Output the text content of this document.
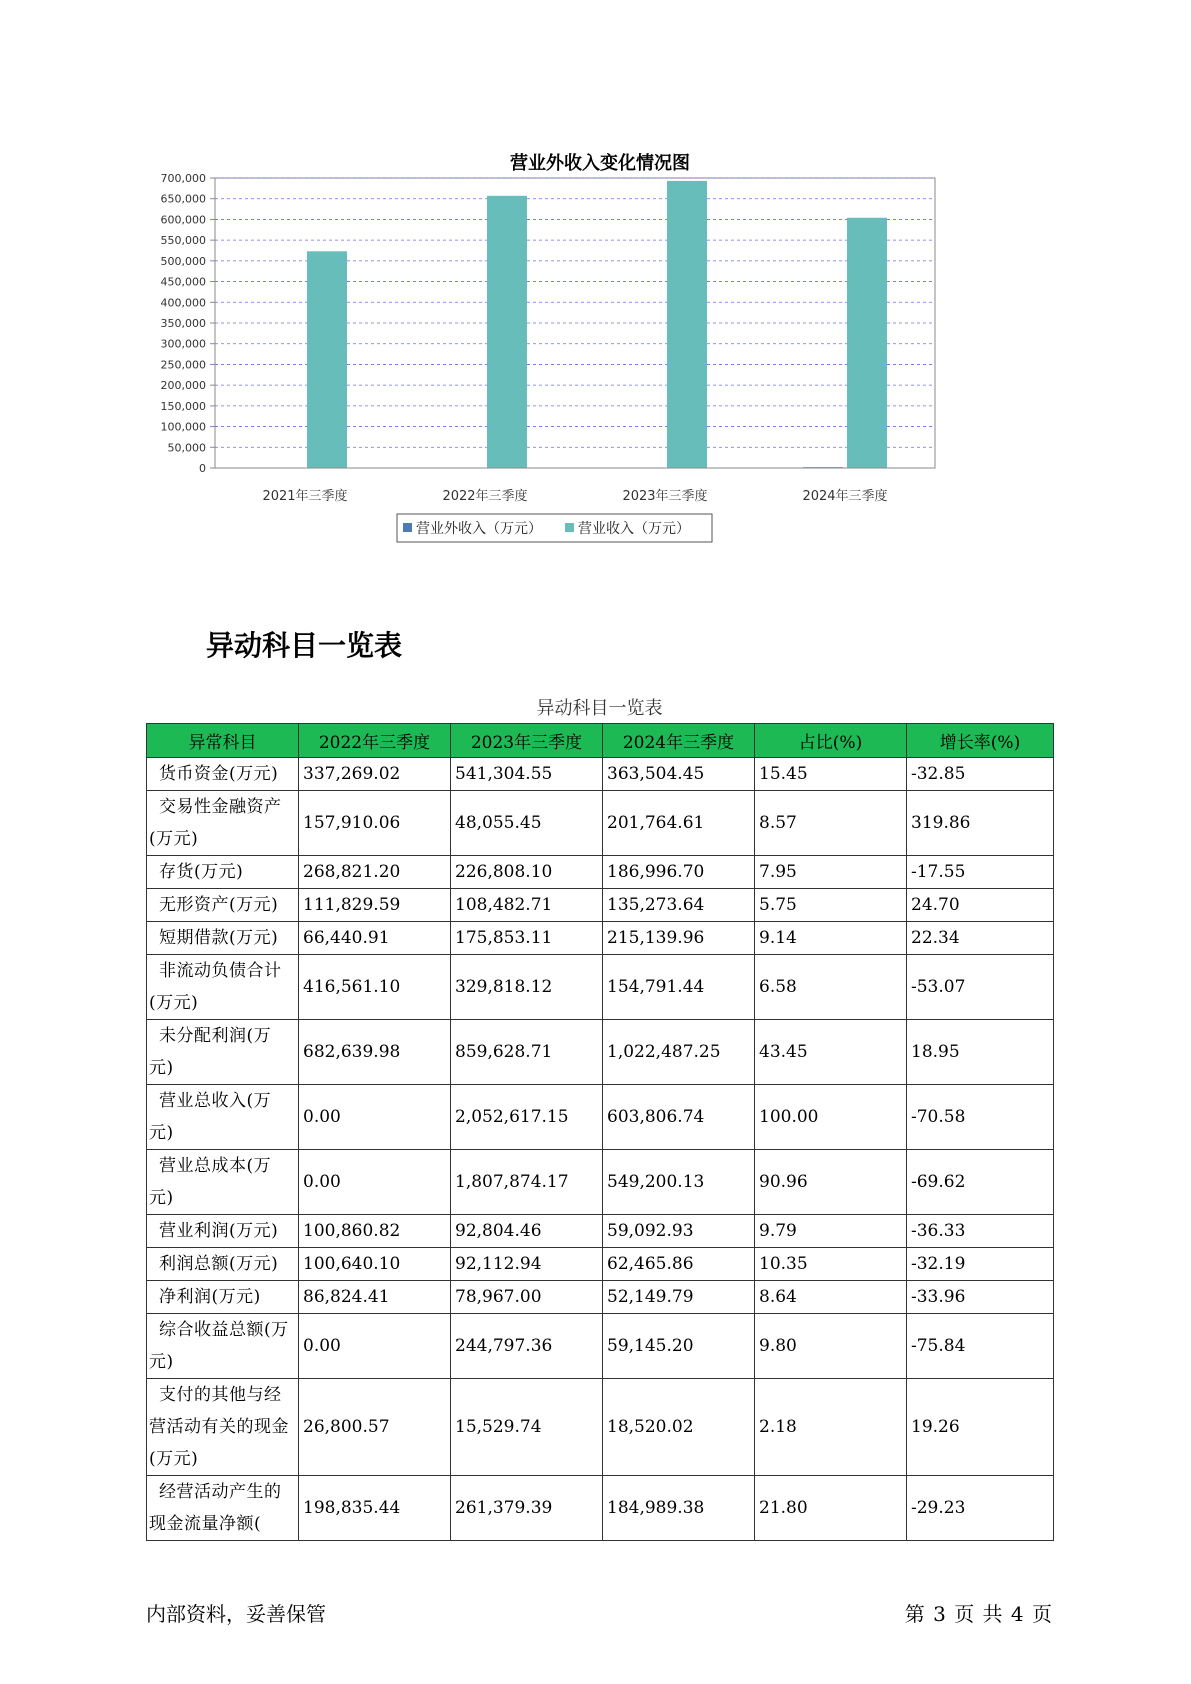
营业外收入变化情况图
0
50,000
100,000
150,000
200,000
250,000
300,000
350,000
400,000
450,000
500,000
550,000
600,000
650,000
700,000
2021年三季度	2022年三季度	2023年三季度	2024年三季度
营业外收入（万元）	营业收入（万元）
异动科目一览表
异动科目一览表
异常科目	2022年三季度	2023年三季度	2024年三季度	占比(%)	增长率(%)
货币资金(万元)	337,269.02	541,304.55	363,504.45	15.45	-32.85
交易性金融资产(万元)	157,910.06	48,055.45	201,764.61	8.57	319.86
存货(万元)	268,821.20	226,808.10	186,996.70	7.95	-17.55
无形资产(万元)	111,829.59	108,482.71	135,273.64	5.75	24.70
短期借款(万元)	66,440.91	175,853.11	215,139.96	9.14	22.34
非流动负债合计(万元)	416,561.10	329,818.12	154,791.44	6.58	-53.07
未分配利润(万元)	682,639.98	859,628.71	1,022,487.25	43.45	18.95
营业总收入(万元)	0.00	2,052,617.15	603,806.74	100.00	-70.58
营业总成本(万元)	0.00	1,807,874.17	549,200.13	90.96	-69.62
营业利润(万元)	100,860.82	92,804.46	59,092.93	9.79	-36.33
利润总额(万元)	100,640.10	92,112.94	62,465.86	10.35	-32.19
净利润(万元)	86,824.41	78,967.00	52,149.79	8.64	-33.96
综合收益总额(万元)	0.00	244,797.36	59,145.20	9.80	-75.84
支付的其他与经营活动有关的现金(万元)	26,800.57	15,529.74	18,520.02	2.18	19.26
经营活动产生的现金流量净额(	198,835.44	261,379.39	184,989.38	21.80	-29.23
内部资料，妥善保管	第 3 页 共 4 页
